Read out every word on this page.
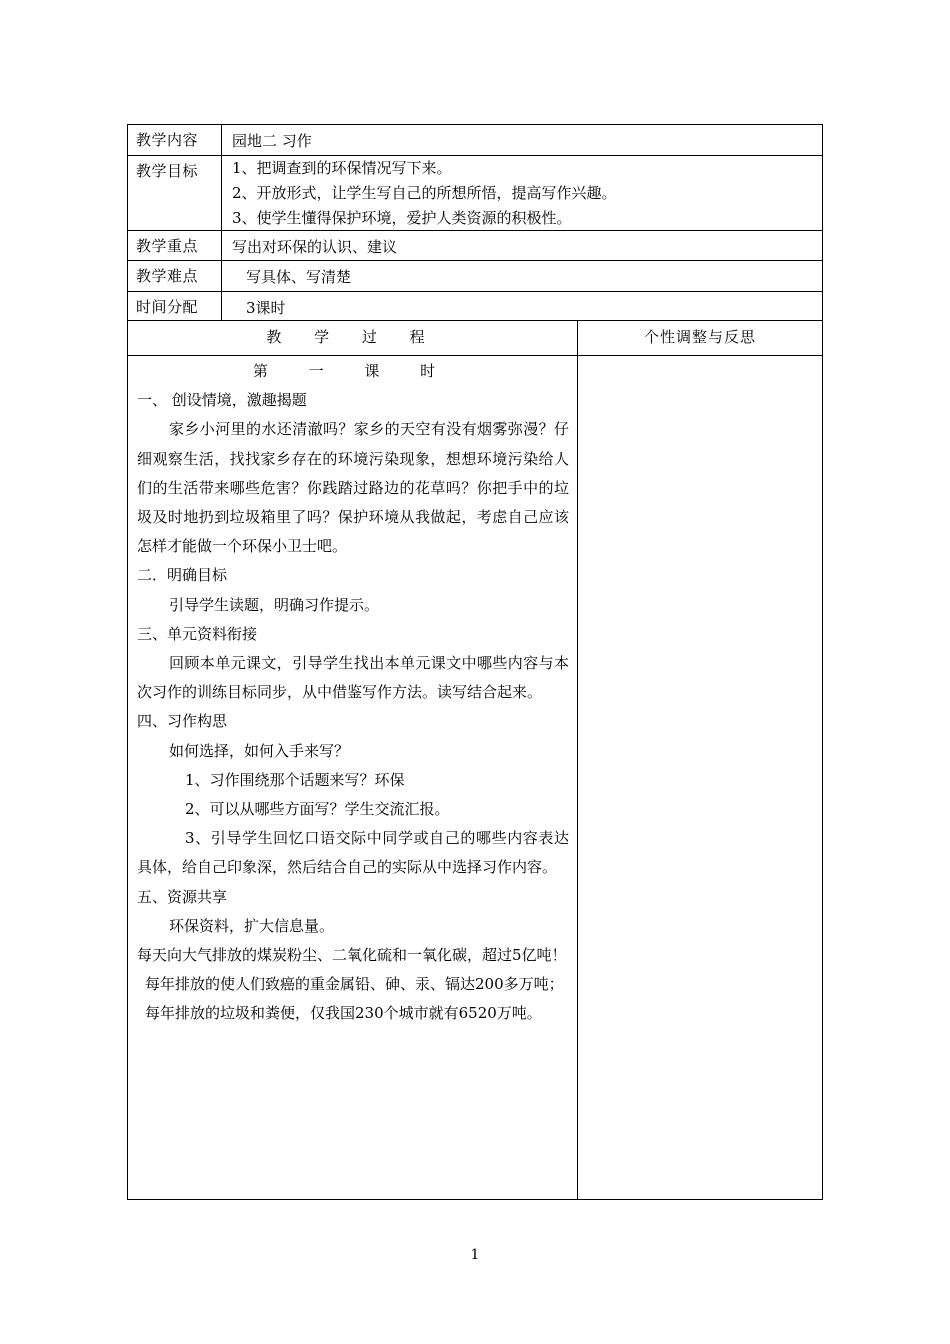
教学内容	园地二 习作
教学目标	1、把调查到的环保情况写下来。
2、开放形式，让学生写自己的所想所悟，提高写作兴趣。
3、使学生懂得保护环境，爱护人类资源的积极性。
教学重点	写出对环保的认识、建议
教学难点	写具体、写清楚
时间分配	3课时
教 学 过 程	个性调整与反思

第 一 课 时

一、 创设情境，激趣揭题

家乡小河里的水还清澈吗？家乡的天空有没有烟雾弥漫？仔细观察生活，找找家乡存在的环境污染现象，想想环境污染给人们的生活带来哪些危害？你践踏过路边的花草吗？你把手中的垃圾及时地扔到垃圾箱里了吗？保护环境从我做起，考虑自己应该怎样才能做一个环保小卫士吧。

二．明确目标

引导学生读题，明确习作提示。

三、单元资料衔接

回顾本单元课文，引导学生找出本单元课文中哪些内容与本次习作的训练目标同步，从中借鉴写作方法。读写结合起来。

四、习作构思

如何选择，如何入手来写？

1、习作围绕那个话题来写？环保

2、可以从哪些方面写？学生交流汇报。

3、引导学生回忆口语交际中同学或自己的哪些内容表达具体，给自己印象深，然后结合自己的实际从中选择习作内容。

五、资源共享

环保资料，扩大信息量。

每天向大气排放的煤炭粉尘、二氧化硫和一氧化碳，超过5亿吨！

每年排放的使人们致癌的重金属铅、砷、汞、镉达200多万吨；

每年排放的垃圾和粪便，仅我国230个城市就有6520万吨。

1
